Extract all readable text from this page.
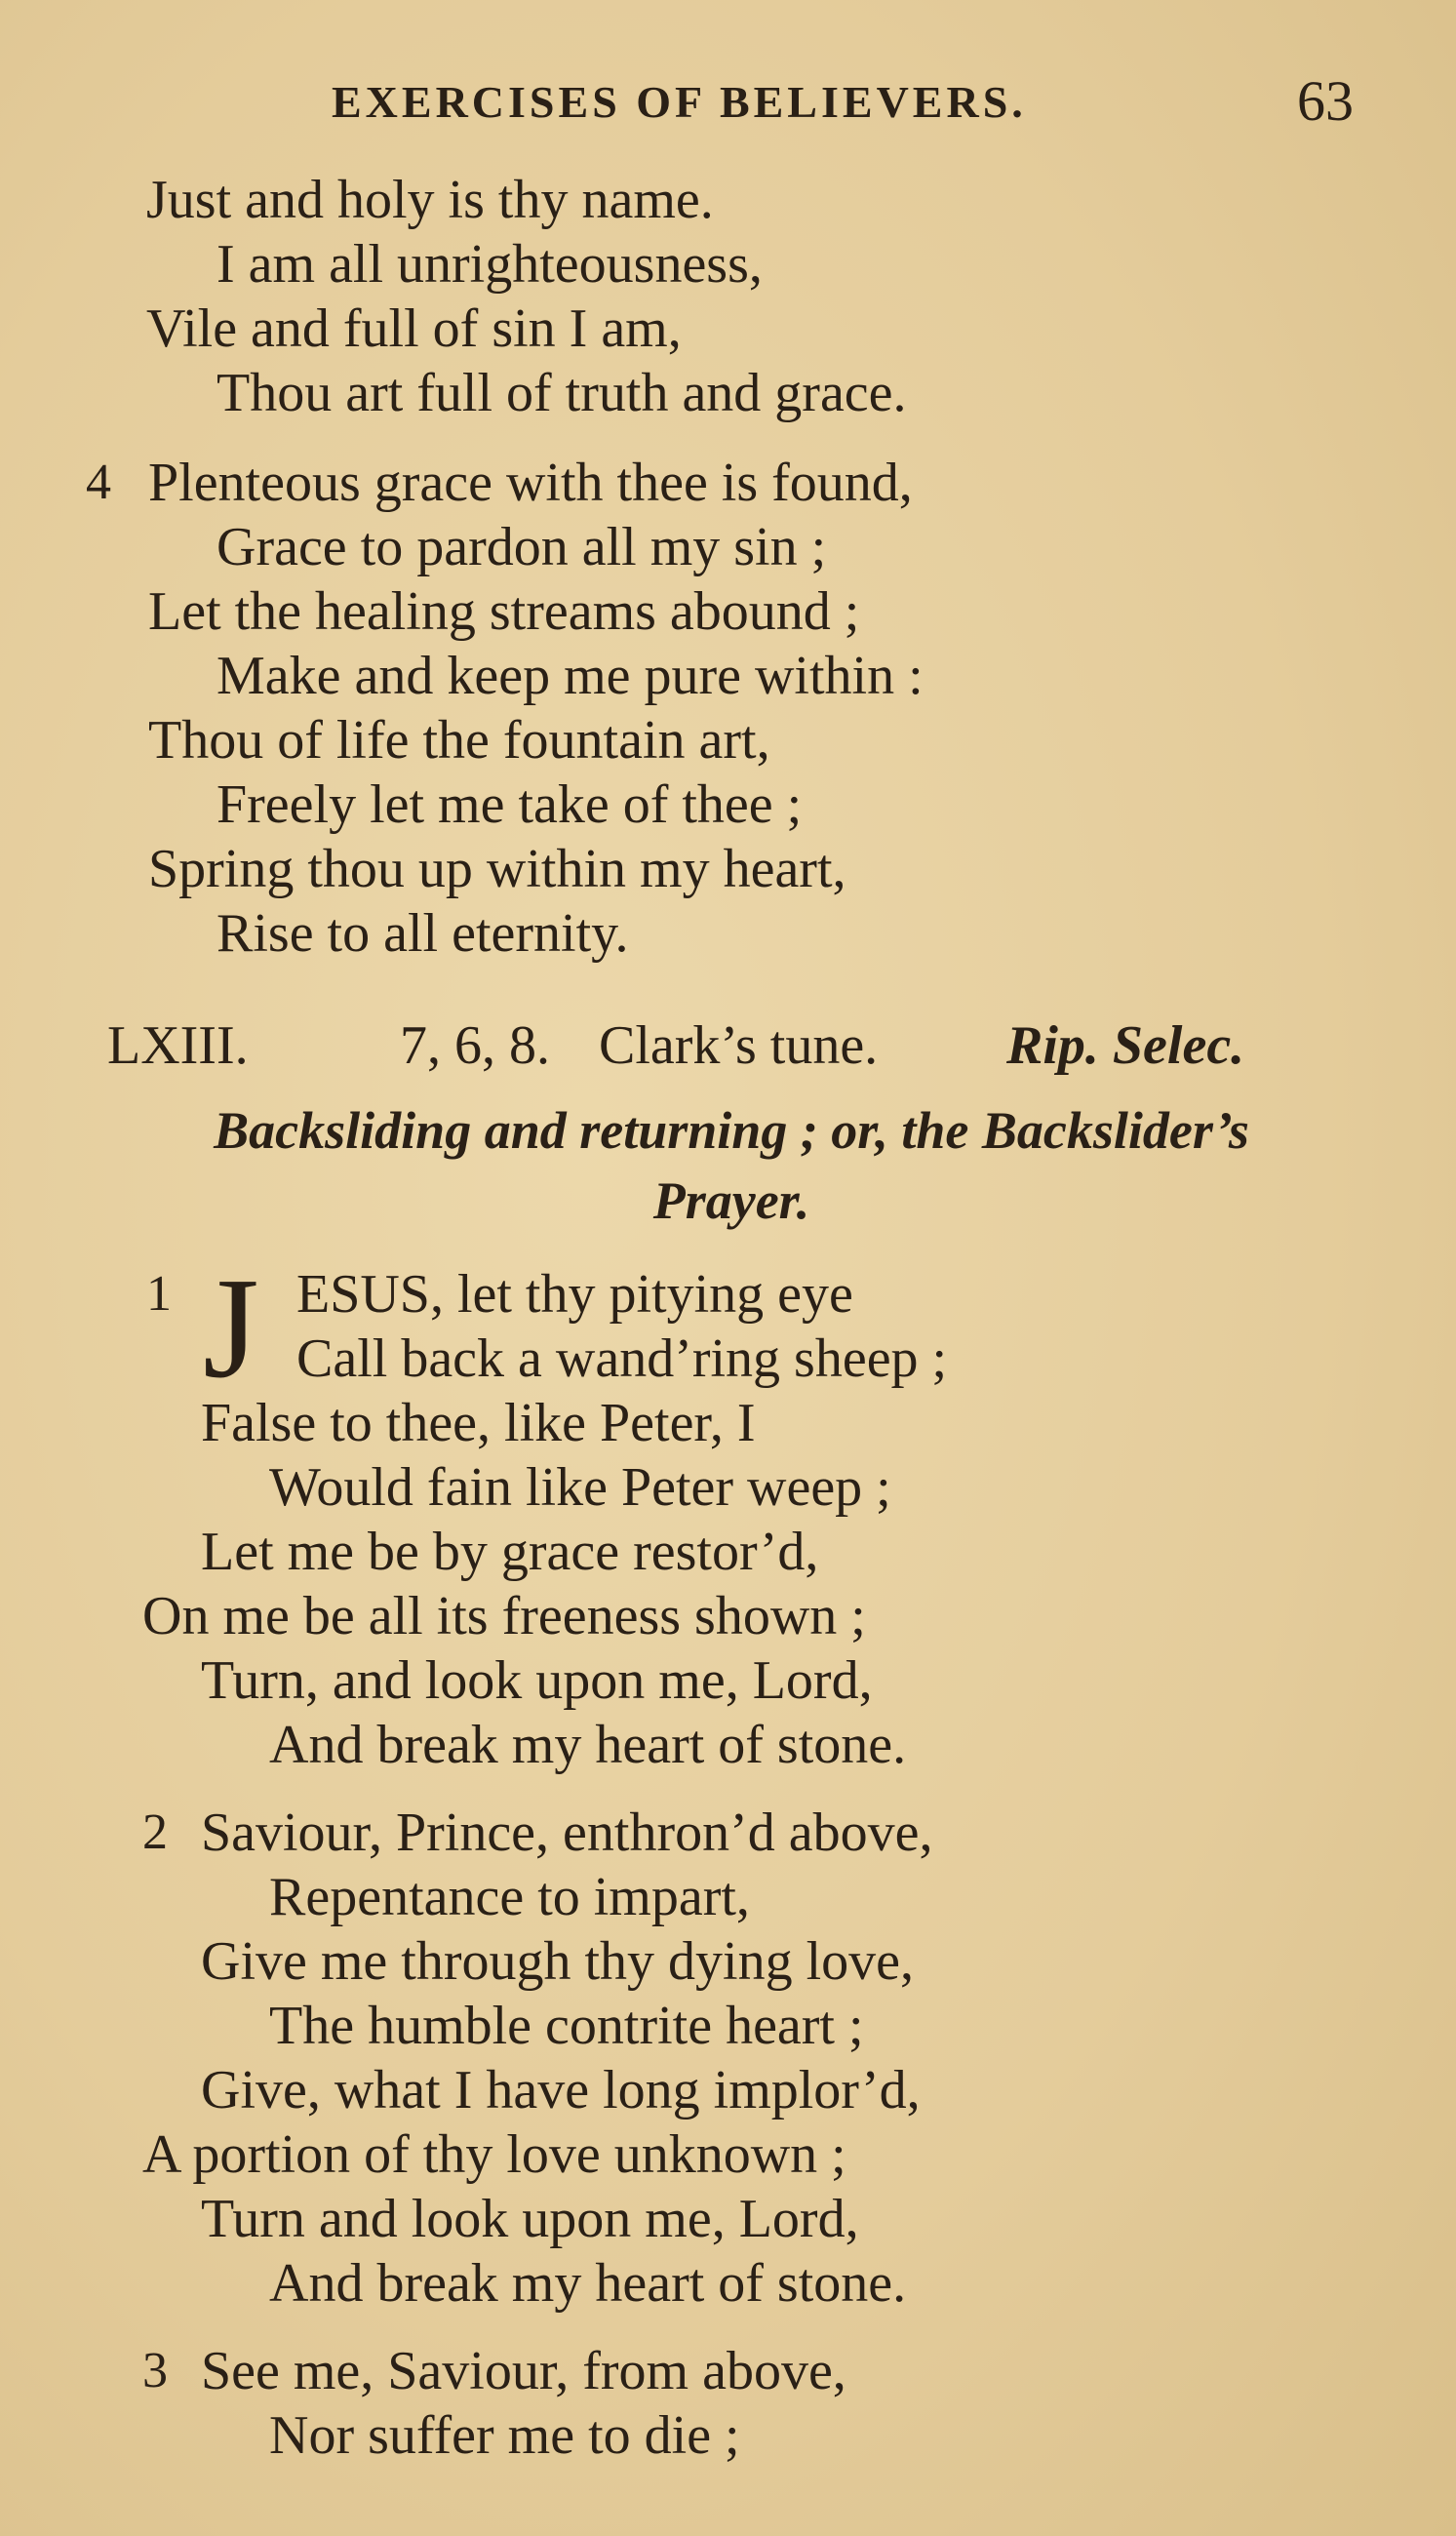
EXERCISES OF BELIEVERS.	63
Just and holy is thy name.
I am all unrighteousness,
Vile and full of sin I am,
Thou art full of truth and grace.
4 Plenteous grace with thee is found,
Grace to pardon all my sin ;
Let the healing streams abound ;
Make and keep me pure within :
Thou of life the fountain art,
Freely let me take of thee ;
Spring thou up within my heart,
Rise to all eternity.
LXIII.	7, 6, 8. Clark’s tune. Rip. Selec.
Backsliding and returning ; or, the Backslider’s
Prayer.
1 J ESUS, let thy pitying eye
Call back a wand’ring sheep ;
False to thee, like Peter, I
Would fain like Peter weep ;
Let me be by grace restor’d,
On me be all its freeness shown ;
Turn, and look upon me, Lord,
And break my heart of stone.
2 Saviour, Prince, enthron’d above,
Repentance to impart,
Give me through thy dying love,
The humble contrite heart ;
Give, what I have long implor’d,
A portion of thy love unknown ;
Turn and look upon me, Lord,
And break my heart of stone.
3 See me, Saviour, from above,
Nor suffer me to die ;
